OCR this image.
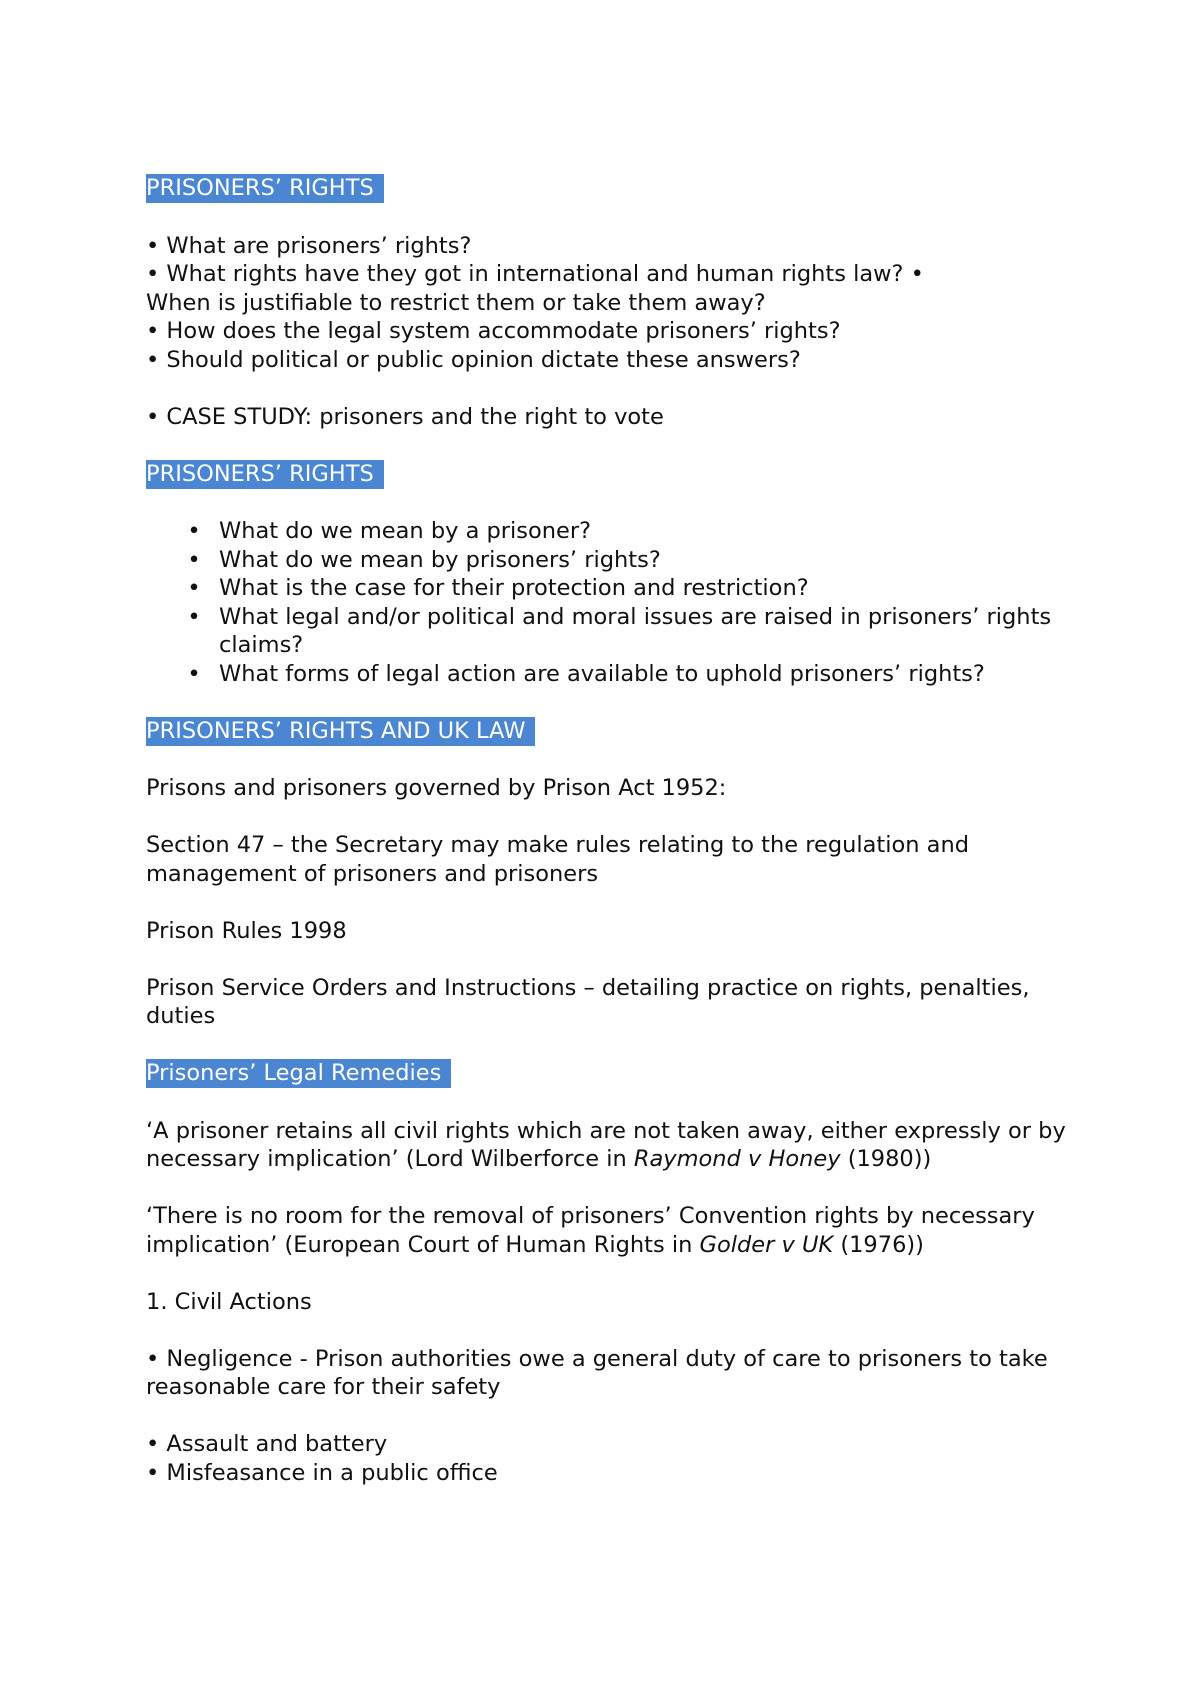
PRISONERS’ RIGHTS

• What are prisoners’ rights?

• What rights have they got in international and human rights law? •

When is justifiable to restrict them or take them away?

• How does the legal system accommodate prisoners’ rights?

• Should political or public opinion dictate these answers?

• CASE STUDY: prisoners and the right to vote

PRISONERS’ RIGHTS
• What do we mean by a prisoner?
• What do we mean by prisoners’ rights?
• What is the case for their protection and restriction?
• What legal and/or political and moral issues are raised in prisoners’ rights claims?
• What forms of legal action are available to uphold prisoners’ rights?
PRISONERS’ RIGHTS AND UK LAW

Prisons and prisoners governed by Prison Act 1952:

Section 47 – the Secretary may make rules relating to the regulation and management of prisoners and prisoners

Prison Rules 1998

Prison Service Orders and Instructions – detailing practice on rights, penalties, duties

Prisoners’ Legal Remedies

‘A prisoner retains all civil rights which are not taken away, either expressly or by necessary implication’ (Lord Wilberforce in Raymond v Honey (1980))

‘There is no room for the removal of prisoners’ Convention rights by necessary implication’ (European Court of Human Rights in Golder v UK (1976))

1. Civil Actions

• Negligence - Prison authorities owe a general duty of care to prisoners to take reasonable care for their safety

• Assault and battery

• Misfeasance in a public office
